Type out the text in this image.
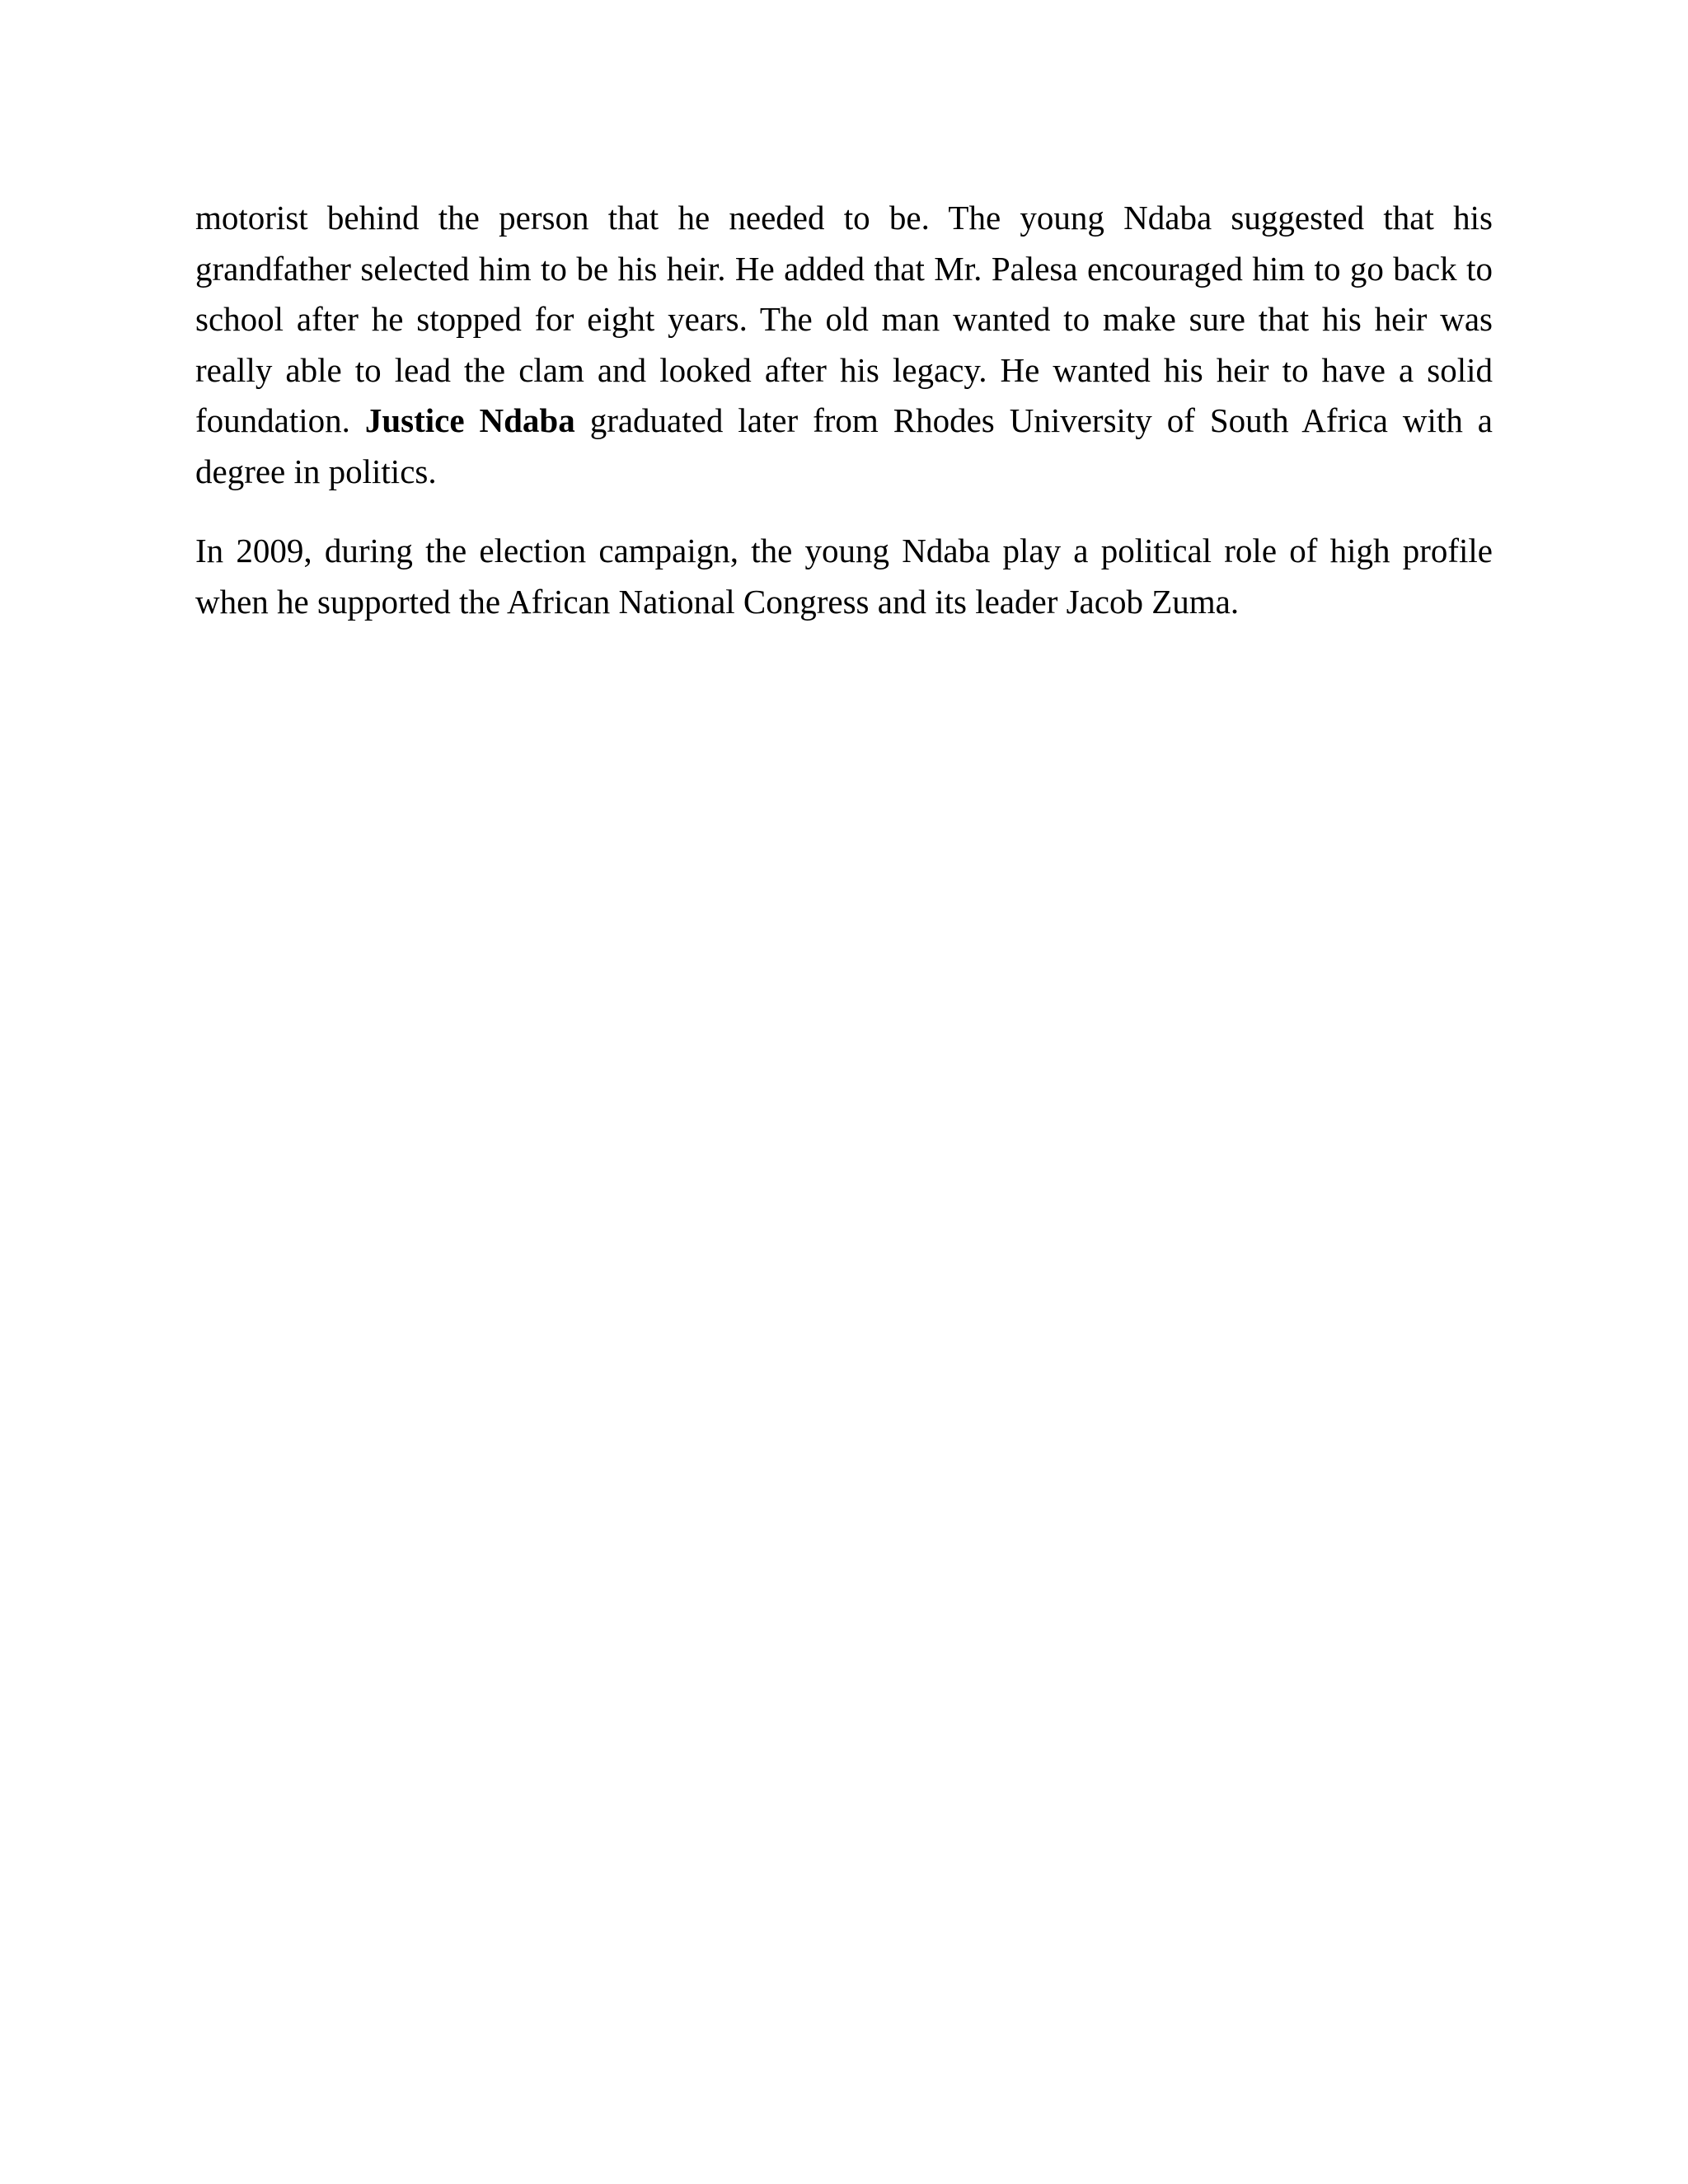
motorist behind the person that he needed to be. The young Ndaba suggested that his grandfather selected him to be his heir. He added that Mr. Palesa encouraged him to go back to school after he stopped for eight years. The old man wanted to make sure that his heir was really able to lead the clam and looked after his legacy. He wanted his heir to have a solid foundation. Justice Ndaba graduated later from Rhodes University of South Africa with a degree in politics.

In 2009, during the election campaign, the young Ndaba play a political role of high profile when he supported the African National Congress and its leader Jacob Zuma.
